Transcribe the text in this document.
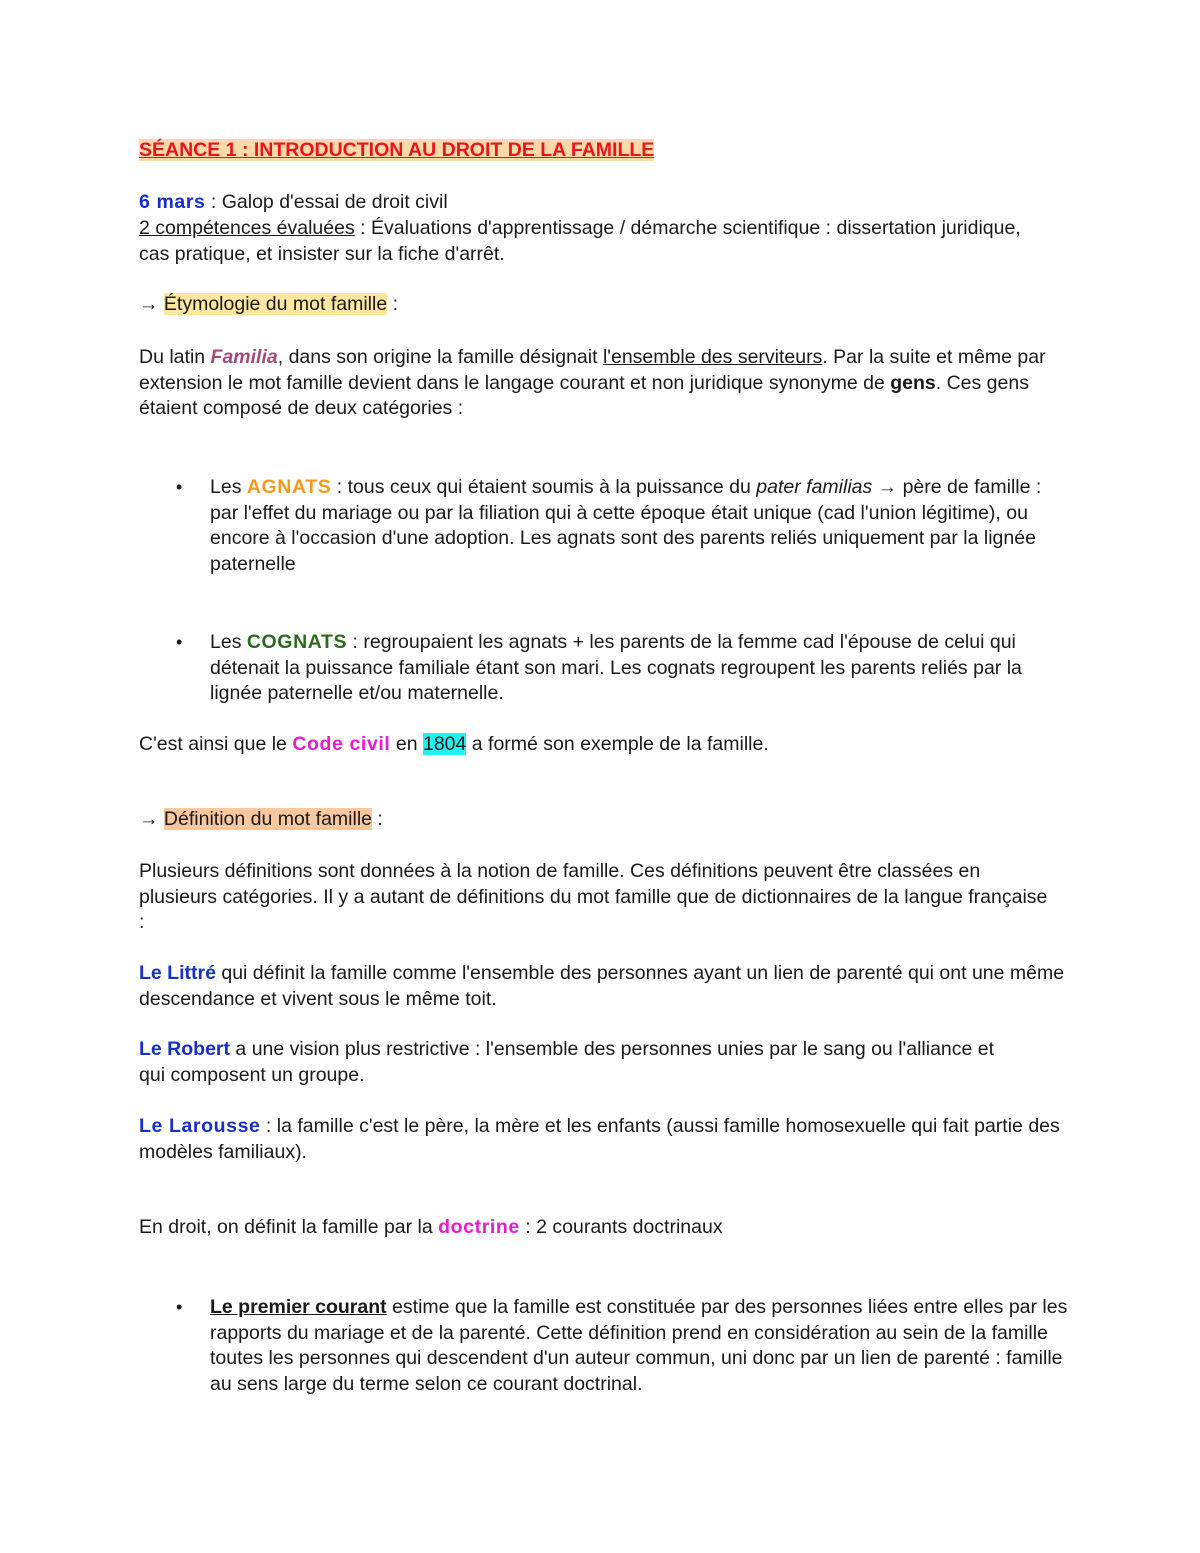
SÉANCE 1 : INTRODUCTION AU DROIT DE LA FAMILLE

6 mars : Galop d'essai de droit civil

2 compétences évaluées : Évaluations d'apprentissage / démarche scientifique : dissertation juridique, cas pratique, et insister sur la fiche d'arrêt.

→ Étymologie du mot famille :

Du latin Familia, dans son origine la famille désignait l'ensemble des serviteurs. Par la suite et même par extension le mot famille devient dans le langage courant et non juridique synonyme de gens. Ces gens étaient composé de deux catégories :

• Les AGNATS : tous ceux qui étaient soumis à la puissance du pater familias → père de famille : par l'effet du mariage ou par la filiation qui à cette époque était unique (cad l'union légitime), ou encore à l'occasion d'une adoption. Les agnats sont des parents reliés uniquement par la lignée paternelle

• Les COGNATS : regroupaient les agnats + les parents de la femme cad l'épouse de celui qui détenait la puissance familiale étant son mari. Les cognats regroupent les parents reliés par la lignée paternelle et/ou maternelle.

C'est ainsi que le Code civil en 1804 a formé son exemple de la famille.

→ Définition du mot famille :

Plusieurs définitions sont données à la notion de famille. Ces définitions peuvent être classées en plusieurs catégories. Il y a autant de définitions du mot famille que de dictionnaires de la langue française :

Le Littré qui définit la famille comme l'ensemble des personnes ayant un lien de parenté qui ont une même descendance et vivent sous le même toit.

Le Robert a une vision plus restrictive : l'ensemble des personnes unies par le sang ou l'alliance et qui composent un groupe.

Le Larousse : la famille c'est le père, la mère et les enfants (aussi famille homosexuelle qui fait partie des modèles familiaux).

En droit, on définit la famille par la doctrine : 2 courants doctrinaux

• Le premier courant estime que la famille est constituée par des personnes liées entre elles par les rapports du mariage et de la parenté. Cette définition prend en considération au sein de la famille toutes les personnes qui descendent d'un auteur commun, uni donc par un lien de parenté : famille au sens large du terme selon ce courant doctrinal.
